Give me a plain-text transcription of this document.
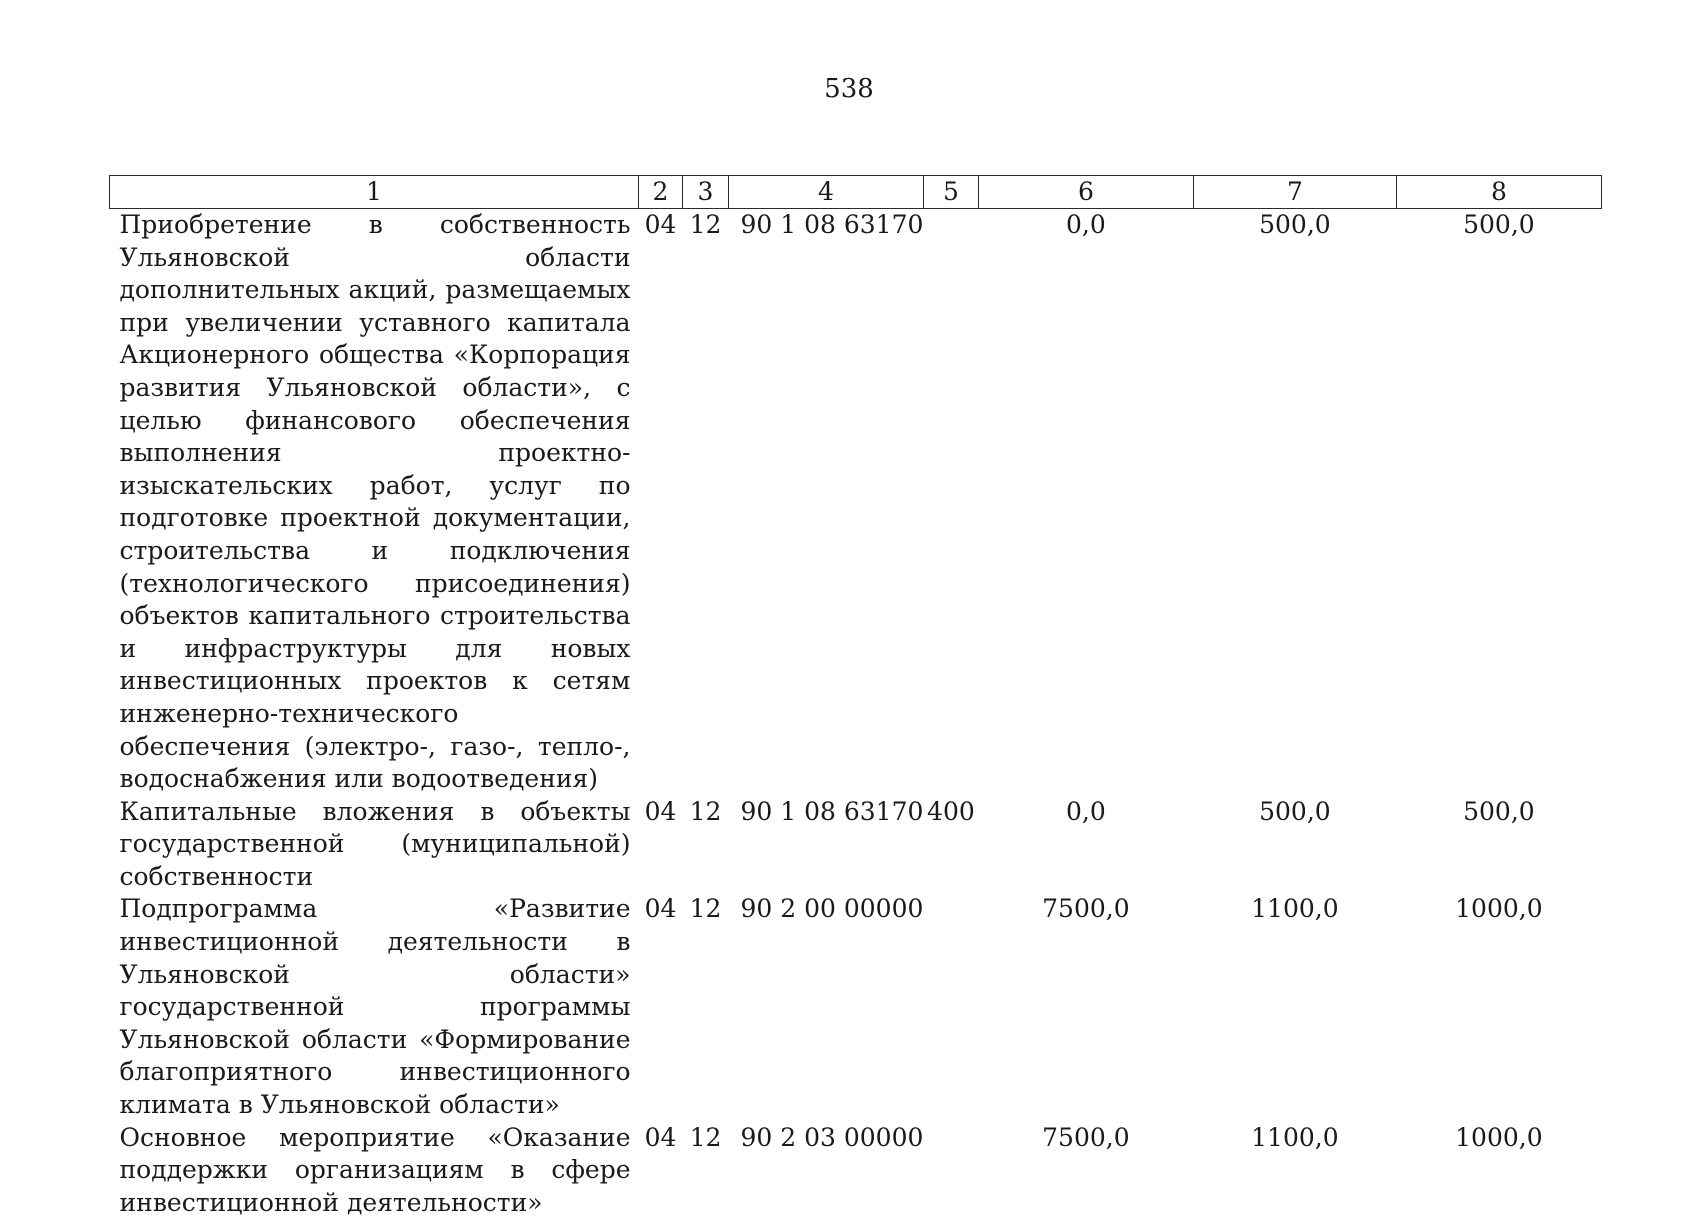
538
1	2	3	4	5	6	7	8
Приобретение в собственность Ульяновской области дополнительных акций, размещаемых при увеличении уставного капитала Акционерного общества «Корпорация развития Ульяновской области», с целью финансового обеспечения выполнения проектно-изыскательских работ, услуг по подготовке проектной документации, строительства и подключения (технологического присоединения) объектов капитального строительства и инфраструктуры для новых инвестиционных проектов к сетям инженерно-технического обеспечения (электро-, газо-, тепло-, водоснабжения или водоотведения)	04	12	90 1 08 63170		0,0	500,0	500,0
Капитальные вложения в объекты государственной (муниципальной) собственности	04	12	90 1 08 63170	400	0,0	500,0	500,0
Подпрограмма «Развитие инвестиционной деятельности в Ульяновской области» государственной программы Ульяновской области «Формирование благоприятного инвестиционного климата в Ульяновской области»	04	12	90 2 00 00000		7500,0	1100,0	1000,0
Основное мероприятие «Оказание поддержки организациям в сфере инвестиционной деятельности»	04	12	90 2 03 00000		7500,0	1100,0	1000,0
